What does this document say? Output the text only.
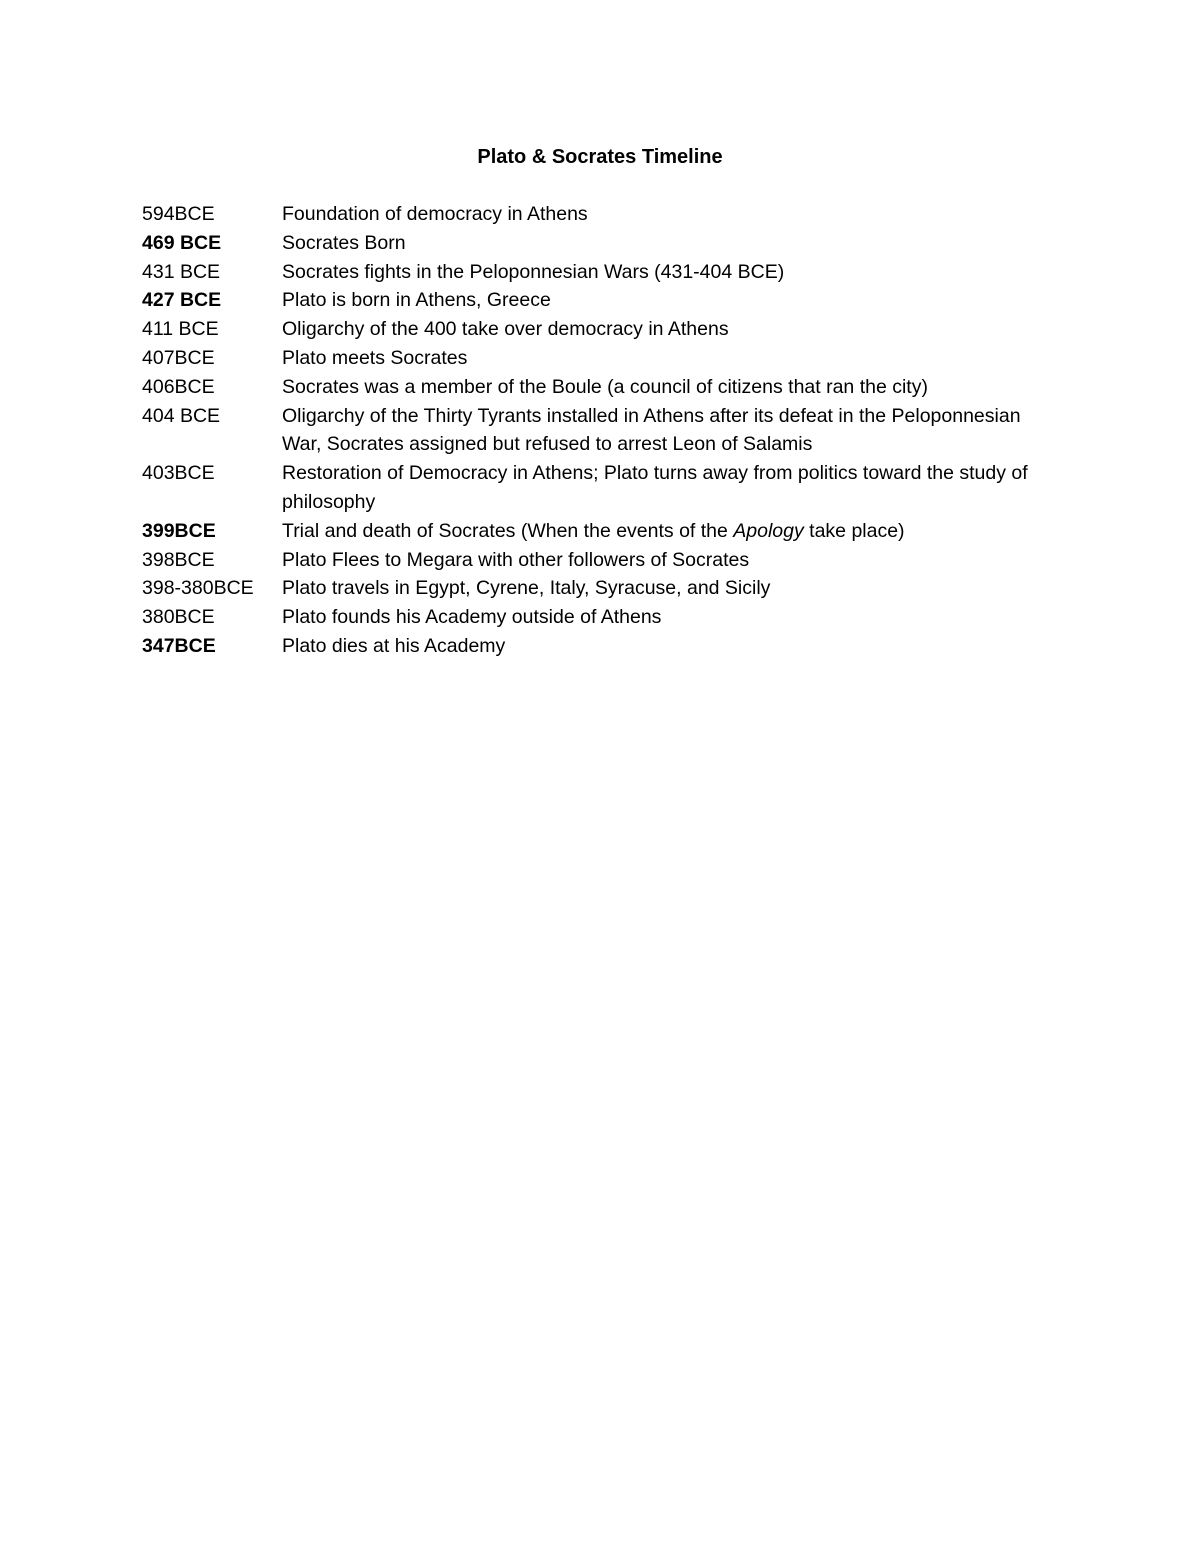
Plato & Socrates Timeline
594BCE	Foundation of democracy in Athens
469 BCE	Socrates Born
431 BCE	Socrates fights in the Peloponnesian Wars (431-404 BCE)
427 BCE	Plato is born in Athens, Greece
411 BCE	Oligarchy of the 400 take over democracy in Athens
407BCE	Plato meets Socrates
406BCE	Socrates was a member of the Boule (a council of citizens that ran the city)
404 BCE	Oligarchy of the Thirty Tyrants installed in Athens after its defeat in the Peloponnesian War, Socrates assigned but refused to arrest Leon of Salamis
403BCE	Restoration of Democracy in Athens; Plato turns away from politics toward the study of philosophy
399BCE	Trial and death of Socrates (When the events of the Apology take place)
398BCE	Plato Flees to Megara with other followers of Socrates
398-380BCE	Plato travels in Egypt, Cyrene, Italy, Syracuse, and Sicily
380BCE	Plato founds his Academy outside of Athens
347BCE	Plato dies at his Academy
